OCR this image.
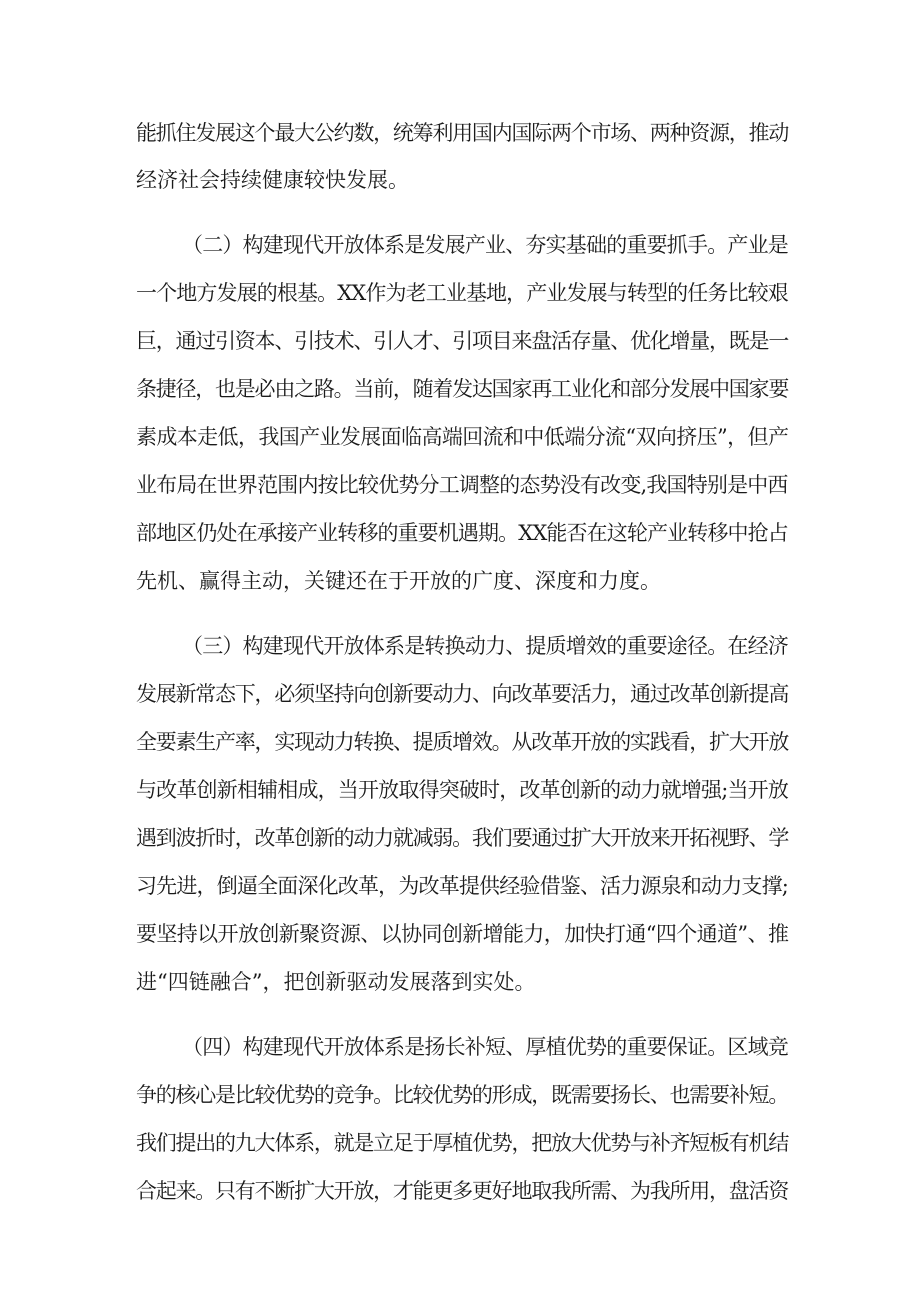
能抓住发展这个最大公约数，统筹利用国内国际两个市场、两种资源，推动
经济社会持续健康较快发展。
（二）构建现代开放体系是发展产业、夯实基础的重要抓手。产业是
一个地方发展的根基。XX作为老工业基地，产业发展与转型的任务比较艰
巨，通过引资本、引技术、引人才、引项目来盘活存量、优化增量，既是一
条捷径，也是必由之路。当前，随着发达国家再工业化和部分发展中国家要
素成本走低，我国产业发展面临高端回流和中低端分流“双向挤压”，但产
业布局在世界范围内按比较优势分工调整的态势没有改变,我国特别是中西
部地区仍处在承接产业转移的重要机遇期。XX能否在这轮产业转移中抢占
先机、赢得主动，关键还在于开放的广度、深度和力度。
（三）构建现代开放体系是转换动力、提质增效的重要途径。在经济
发展新常态下，必须坚持向创新要动力、向改革要活力，通过改革创新提高
全要素生产率，实现动力转换、提质增效。从改革开放的实践看，扩大开放
与改革创新相辅相成，当开放取得突破时，改革创新的动力就增强;当开放
遇到波折时，改革创新的动力就减弱。我们要通过扩大开放来开拓视野、学
习先进，倒逼全面深化改革，为改革提供经验借鉴、活力源泉和动力支撑;
要坚持以开放创新聚资源、以协同创新增能力，加快打通“四个通道”、推
进“四链融合”，把创新驱动发展落到实处。
（四）构建现代开放体系是扬长补短、厚植优势的重要保证。区域竞
争的核心是比较优势的竞争。比较优势的形成，既需要扬长、也需要补短。
我们提出的九大体系，就是立足于厚植优势，把放大优势与补齐短板有机结
合起来。只有不断扩大开放，才能更多更好地取我所需、为我所用，盘活资
